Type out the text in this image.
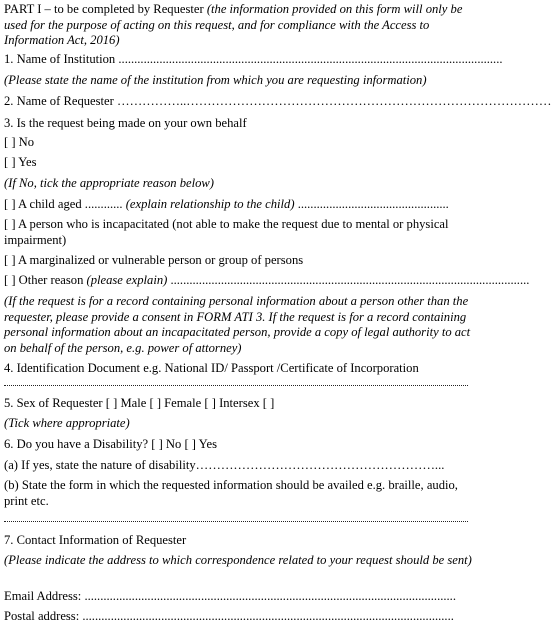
PART I – to be completed by Requester (the information provided on this form will only be used for the purpose of acting on this request, and for compliance with the Access to Information Act, 2016)
1. Name of Institution ..........................................................................................................................
(Please state the name of the institution from which you are requesting information)
2. Name of Requester ……………..……………………………………………………………………………
3. Is the request being made on your own behalf
[ ] No
[ ] Yes
(If No, tick the appropriate reason below)
[ ] A child aged ............ (explain relationship to the child) ................................................
[ ] A person who is incapacitated (not able to make the request due to mental or physical impairment)
[ ] A marginalized or vulnerable person or group of persons
[ ] Other reason (please explain) ..................................................................................................................
(If the request is for a record containing personal information about a person other than the requester, please provide a consent in FORM ATI 3. If the request is for a record containing personal information about an incapacitated person, provide a copy of legal authority to act on behalf of the person, e.g. power of attorney)
4. Identification Document e.g. National ID/ Passport /Certificate of Incorporation
5. Sex of Requester [ ] Male [ ] Female [ ] Intersex [ ]
(Tick where appropriate)
6. Do you have a Disability? [ ] No [ ] Yes
(a) If yes, state the nature of disability…………………………………………………...
(b) State the form in which the requested information should be availed e.g. braille, audio, print etc.
7. Contact Information of Requester
(Please indicate the address to which correspondence related to your request should be sent)
Email Address: ......................................................................................................................
Postal address: ......................................................................................................................
